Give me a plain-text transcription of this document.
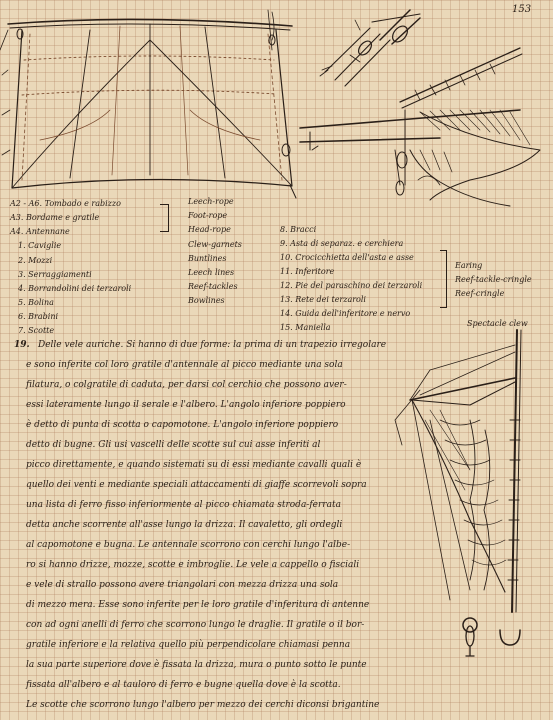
153
A2 - A6. Tombado e rabizzo
A3. Bordame e gratile
A4. Antennane
1. Caviglie
2. Mozzi
3. Serraggiamenti
4. Borrandolini dei terzaroli
5. Bolina
6. Brabini
7. Scotte
Leech-rope
Foot-rope
Head-rope
Clew-garnets
Buntlines
Leech lines
Reef-tackles
Bowlines
8. Bracci
9. Asta di separaz. e cerchiera
10. Crocicchietta dell'asta e asse
11. Inferitore
12. Pie del paraschino dei terzaroli
13. Rete dei terzaroli
14. Guida dell'inferitore e nervo
15. Maniella
Earing
Reef-tackle-cringle
Reef-cringle
Spectacle clew
19. Delle vele auriche. Si hanno di due forme: la prima di un trapezio irregolare
e sono inferite col loro gratile d'antennale al picco mediante una sola
filatura, o colgratile di caduta, per darsi col cerchio che possono aver-
essi lateramente lungo il serale e l'albero. L'angolo inferiore poppiero
è detto di punta di scotta o capomotone. L'angolo inferiore poppiero
detto di bugne. Gli usi vascelli delle scotte sul cui asse inferiti al
picco direttamente, e quando sistemati su di essi mediante cavalli quali è
quello dei venti e mediante speciali attaccamenti di giaffe scorrevoli sopra
una lista di ferro fisso inferiormente al picco chiamata stroda-ferrata
detta anche scorrente all'asse lungo la drizza. Il cavaletto, gli ordegli
al capomotone e bugna. Le antennale scorrono con cerchi lungo l'albe-
ro si hanno drizze, mozze, scotte e imbroglie. Le vele a cappello o fisciali
e vele di strallo possono avere triangolari con mezza drizza una sola
di mezzo mera. Esse sono inferite per le loro gratile d'inferitura di antenne
con ad ogni anelli di ferro che scorrono lungo le draglie. Il gratile o il bor-
gratile inferiore e la relativa quello più perpendicolare chiamasi penna
la sua parte superiore dove è fissata la drizza, mura o punto sotto le punte
fissata all'albero e al tauloro di ferro e bugne quella dove è la scotta.
Le scotte che scorrono lungo l'albero per mezzo dei cerchi diconsi brigantine
